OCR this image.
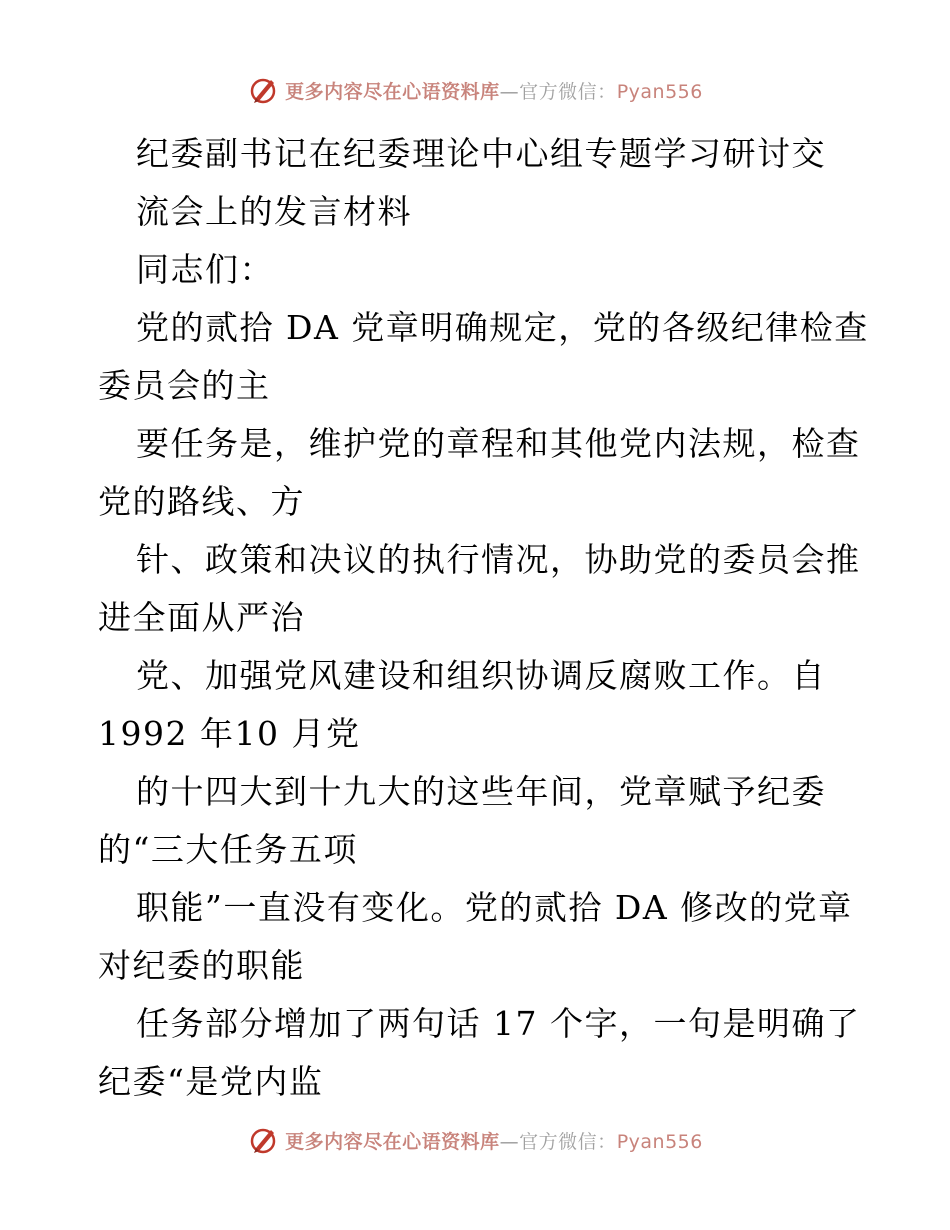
更多内容尽在心语资料库—官方微信：Pyan556
纪委副书记在纪委理论中心组专题学习研讨交
流会上的发言材料
同志们：
党的贰拾 DA 党章明确规定，党的各级纪律检查
委员会的主
要任务是，维护党的章程和其他党内法规，检查
党的路线、方
针、政策和决议的执行情况，协助党的委员会推
进全面从严治
党、加强党风建设和组织协调反腐败工作。自
1992 年10 月党
的十四大到十九大的这些年间，党章赋予纪委
的“三大任务五项
职能”一直没有变化。党的贰拾 DA 修改的党章
对纪委的职能
任务部分增加了两句话 17 个字，一句是明确了
纪委“是党内监
更多内容尽在心语资料库—官方微信：Pyan556
